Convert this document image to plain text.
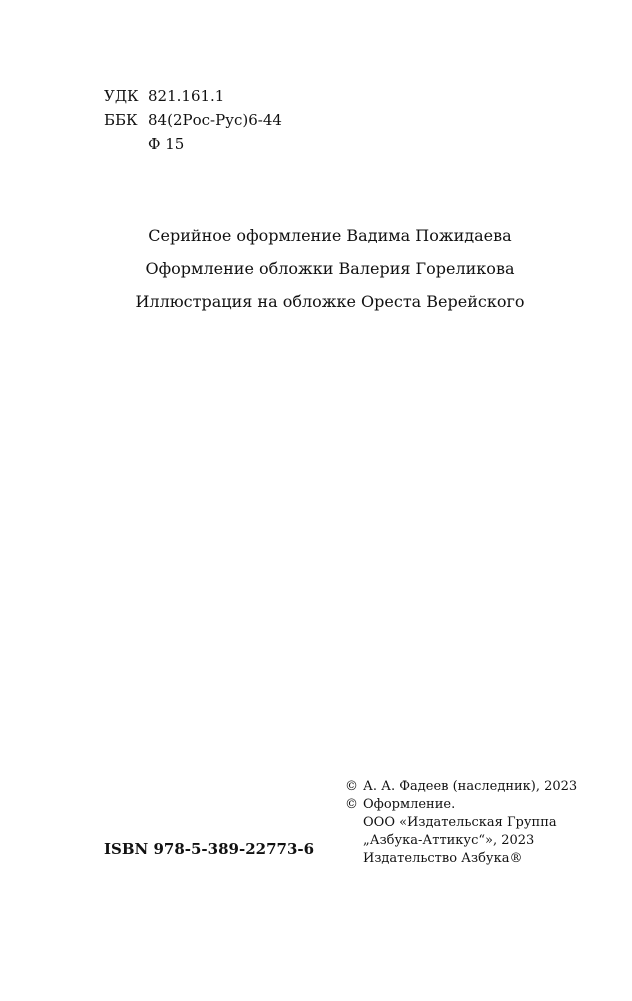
УДК 821.161.1
ББК 84(2Рос-Рус)6-44
Ф 15
Серийное оформление Вадима Пожидаева
Оформление обложки Валерия Гореликова
Иллюстрация на обложке Ореста Верейского
ISBN 978-5-389-22773-6
© А. А. Фадеев (наследник), 2023
© Оформление.
ООО «Издательская Группа
„Азбука-Аттикус“», 2023
Издательство Азбука®
